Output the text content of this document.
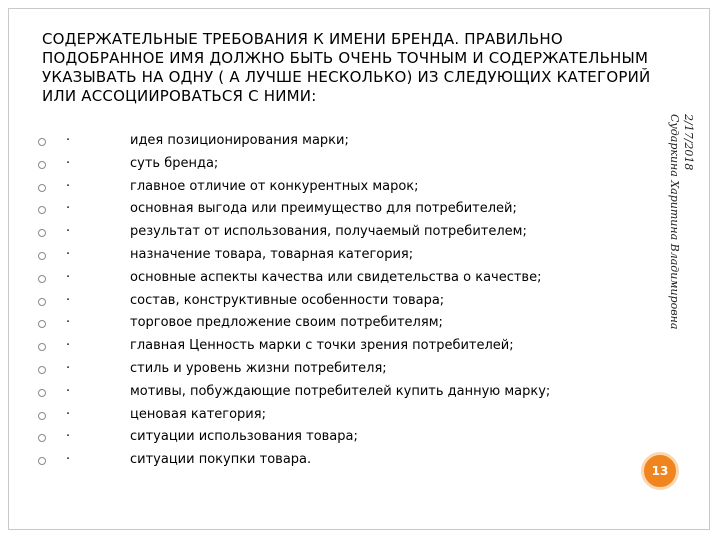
СОДЕРЖАТЕЛЬНЫЕ ТРЕБОВАНИЯ К ИМЕНИ БРЕНДА. ПРАВИЛЬНО ПОДОБРАННОЕ ИМЯ ДОЛЖНО БЫТЬ ОЧЕНЬ ТОЧНЫМ И СОДЕРЖАТЕЛЬНЫМ УКАЗЫВАТЬ НА ОДНУ ( А ЛУЧШЕ НЕСКОЛЬКО) ИЗ СЛЕДУЮЩИХ КАТЕГОРИЙ ИЛИ АССОЦИИРОВАТЬСЯ С НИМИ:
·	идея позиционирования марки;
·	суть бренда;
·	главное отличие от конкурентных марок;
·	основная выгода или преимущество для потребителей;
·	результат от использования, получаемый потребителем;
·	назначение товара, товарная категория;
·	основные аспекты качества или свидетельства о качестве;
·	состав, конструктивные особенности товара;
·	торговое предложение своим потребителям;
·	главная Ценность марки с точки зрения потребителей;
·	стиль и уровень жизни потребителя;
·	мотивы, побуждающие потребителей купить данную марку;
·	ценовая категория;
·	ситуации использования товара;
·	ситуации покупки товара.
2/17/2018
Сударкина Харитина Владимировна
13
